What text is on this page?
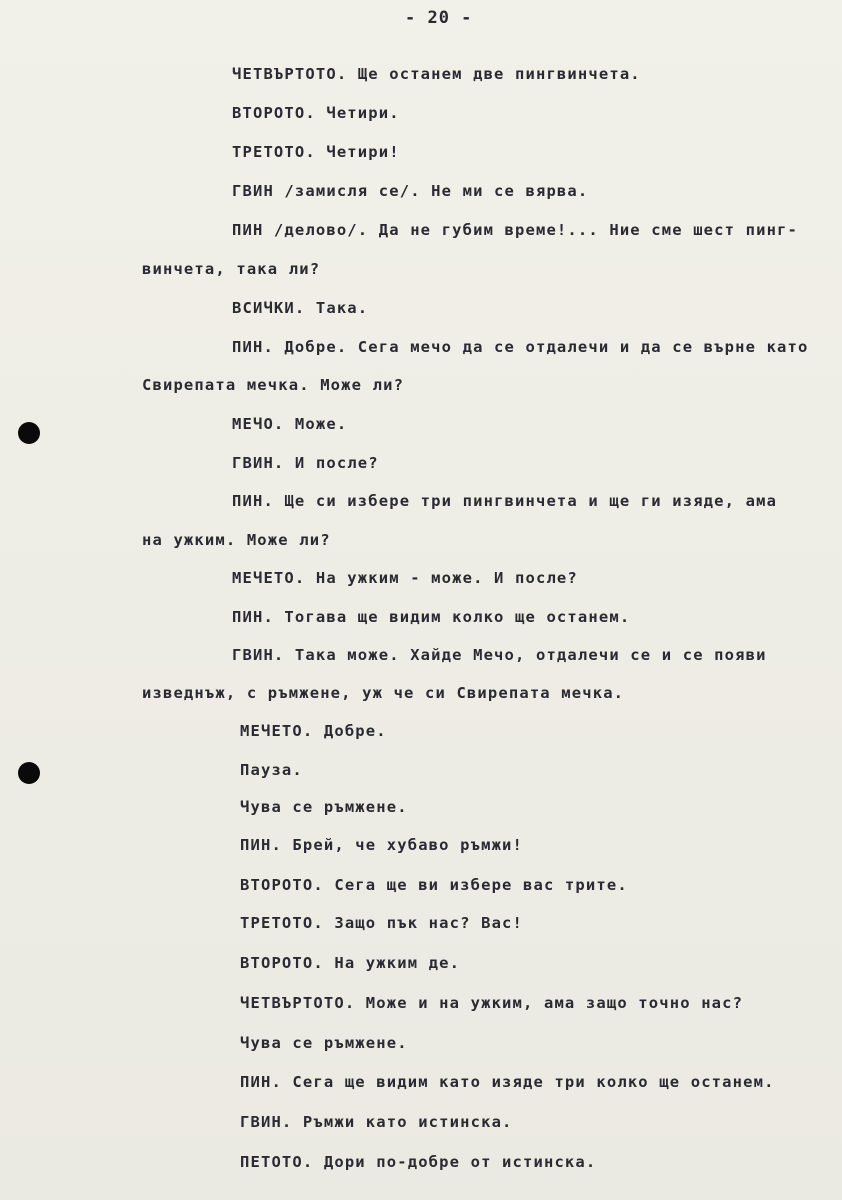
- 20 -
ЧЕТВЪРТОТО. Ще останем две пингвинчета.
ВТОРОТО. Четири.
ТРЕТОТО. Четири!
ГВИН /замисля се/. Не ми се вярва.
ПИН /делово/. Да не губим време!... Ние сме шест пинг-
винчета, така ли?
ВСИЧКИ. Така.
ПИН. Добре. Сега мечо да се отдалечи и да се върне като
Свирепата мечка. Може ли?
МЕЧО. Може.
ГВИН. И после?
ПИН. Ще си избере три пингвинчета и ще ги изяде, ама
на ужким. Може ли?
МЕЧЕТО. На ужким - може. И после?
ПИН. Тогава ще видим колко ще останем.
ГВИН. Така може. Хайде Мечо, отдалечи се и се появи
изведнъж, с ръмжене, уж че си Свирепата мечка.
МЕЧЕТО. Добре.
Пауза.
Чува се ръмжене.
ПИН. Брей, че хубаво ръмжи!
ВТОРОТО. Сега ще ви избере вас трите.
ТРЕТОТО. Защо пък нас? Вас!
ВТОРОТО. На ужким де.
ЧЕТВЪРТОТО. Може и на ужким, ама защо точно нас?
Чува се ръмжене.
ПИН. Сега ще видим като изяде три колко ще останем.
ГВИН. Ръмжи като истинска.
ПЕТОТО. Дори по-добре от истинска.
